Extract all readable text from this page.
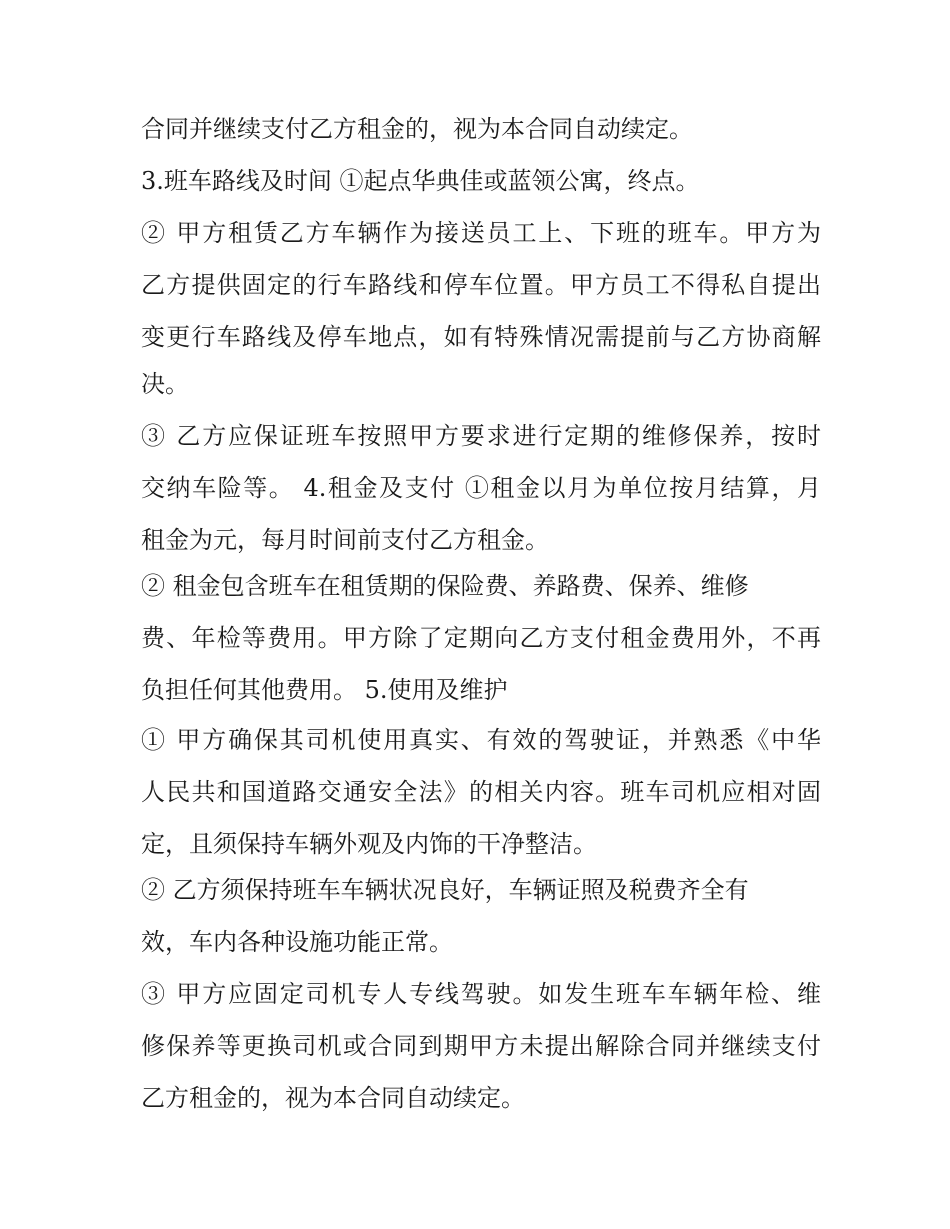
合同并继续支付乙方租金的，视为本合同自动续定。
3.班车路线及时间 ①起点华典佳或蓝领公寓，终点。
② 甲方租赁乙方车辆作为接送员工上、下班的班车。甲方为
乙方提供固定的行车路线和停车位置。甲方员工不得私自提出
变更行车路线及停车地点，如有特殊情况需提前与乙方协商解
决。
③ 乙方应保证班车按照甲方要求进行定期的维修保养，按时
交纳车险等。 4.租金及支付 ①租金以月为单位按月结算，月
租金为元，每月时间前支付乙方租金。
② 租金包含班车在租赁期的保险费、养路费、保养、维修
费、年检等费用。甲方除了定期向乙方支付租金费用外，不再
负担任何其他费用。 5.使用及维护
① 甲方确保其司机使用真实、有效的驾驶证，并熟悉《中华
人民共和国道路交通安全法》的相关内容。班车司机应相对固
定，且须保持车辆外观及内饰的干净整洁。
② 乙方须保持班车车辆状况良好，车辆证照及税费齐全有
效，车内各种设施功能正常。
③ 甲方应固定司机专人专线驾驶。如发生班车车辆年检、维
修保养等更换司机或合同到期甲方未提出解除合同并继续支付
乙方租金的，视为本合同自动续定。
